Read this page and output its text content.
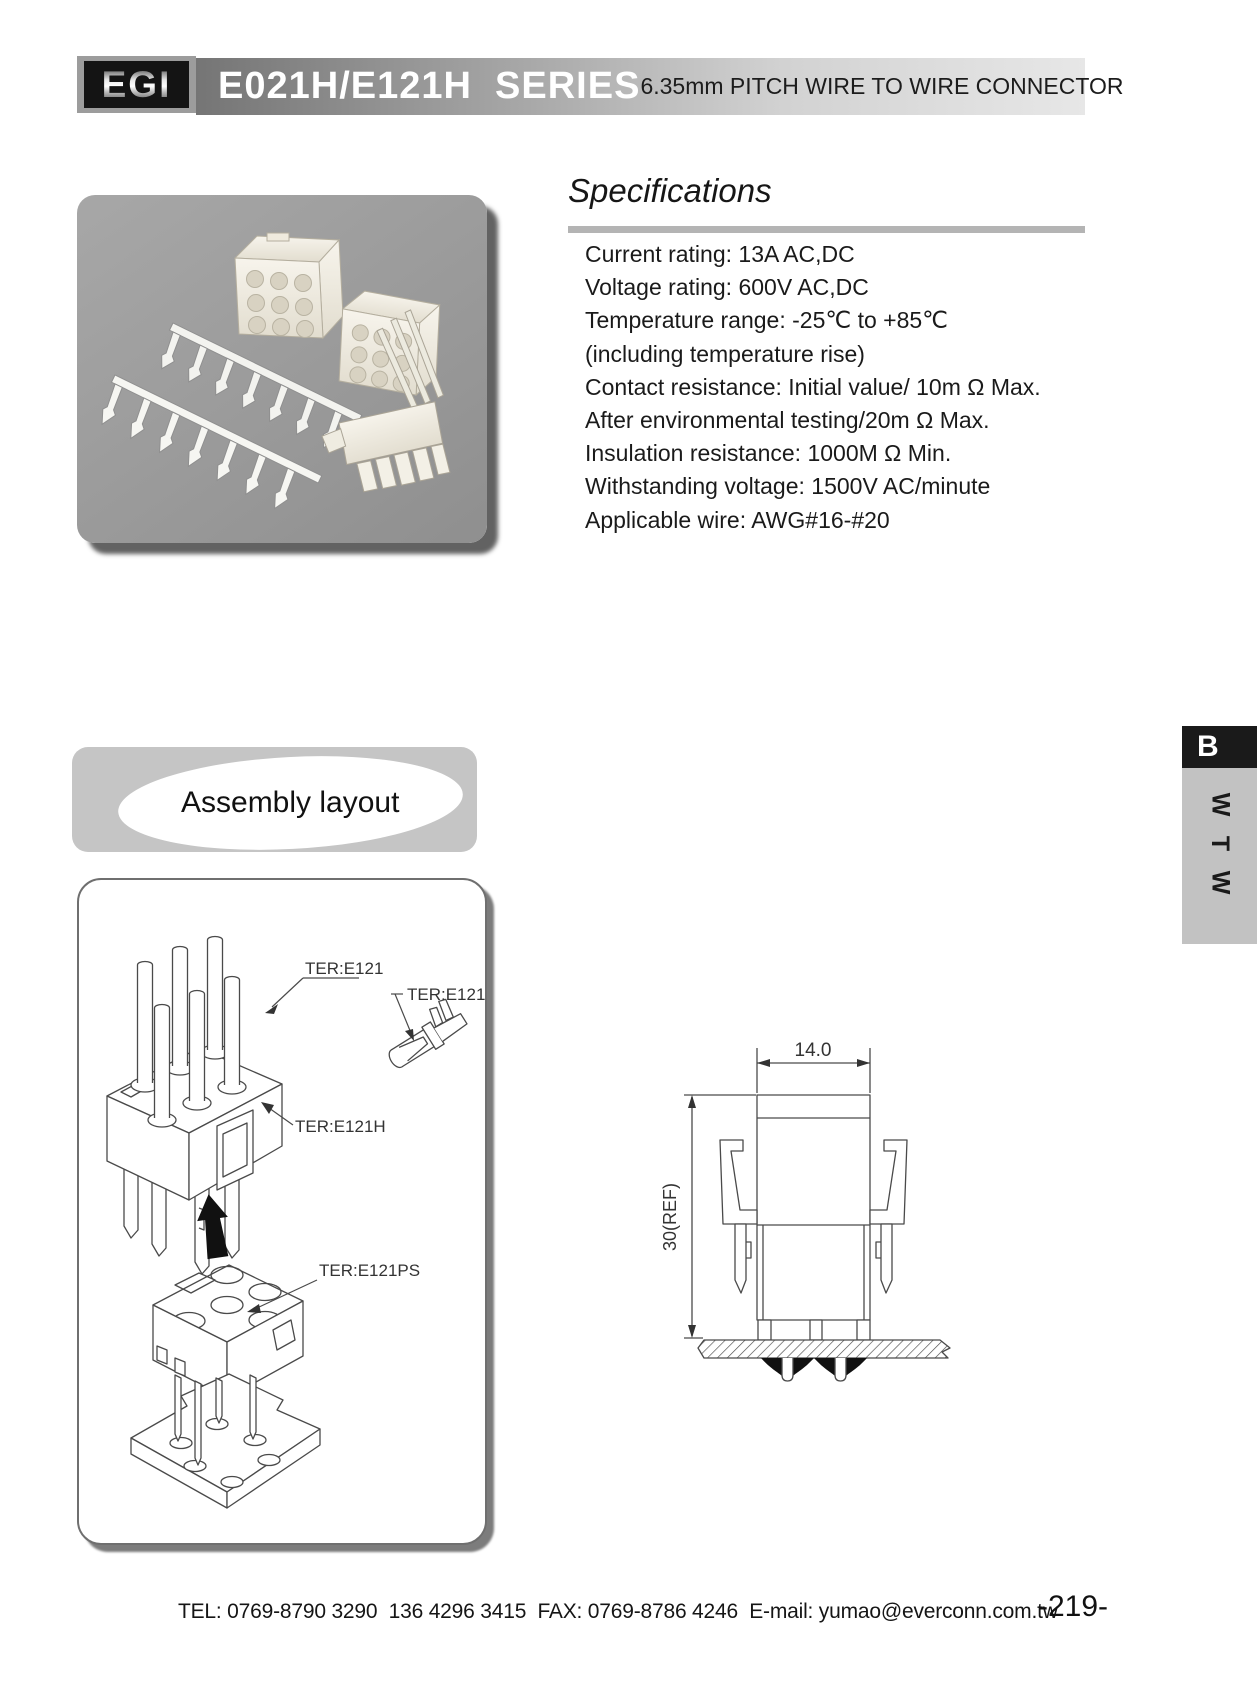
EGI	E021H/E121H  SERIES 6.35mm PITCH WIRE TO WIRE CONNECTOR
Specifications
Current rating: 13A AC,DC
Voltage rating: 600V AC,DC
Temperature range: -25℃ to +85℃
(including temperature rise)
Contact resistance: Initial value/ 10m Ω Max.
After environmental testing/20m Ω Max.
Insulation resistance: 1000M Ω Min.
Withstanding voltage: 1500V AC/minute
Applicable wire: AWG#16-#20
Assembly layout
TER:E121
TER:E121
TER:E121H
TER:E121PS
14.0
30(REF)
B
W
T
W
TEL: 0769-8790 3290  136 4296 3415  FAX: 0769-8786 4246  E-mail: yumao@everconn.com.tw
-219-
